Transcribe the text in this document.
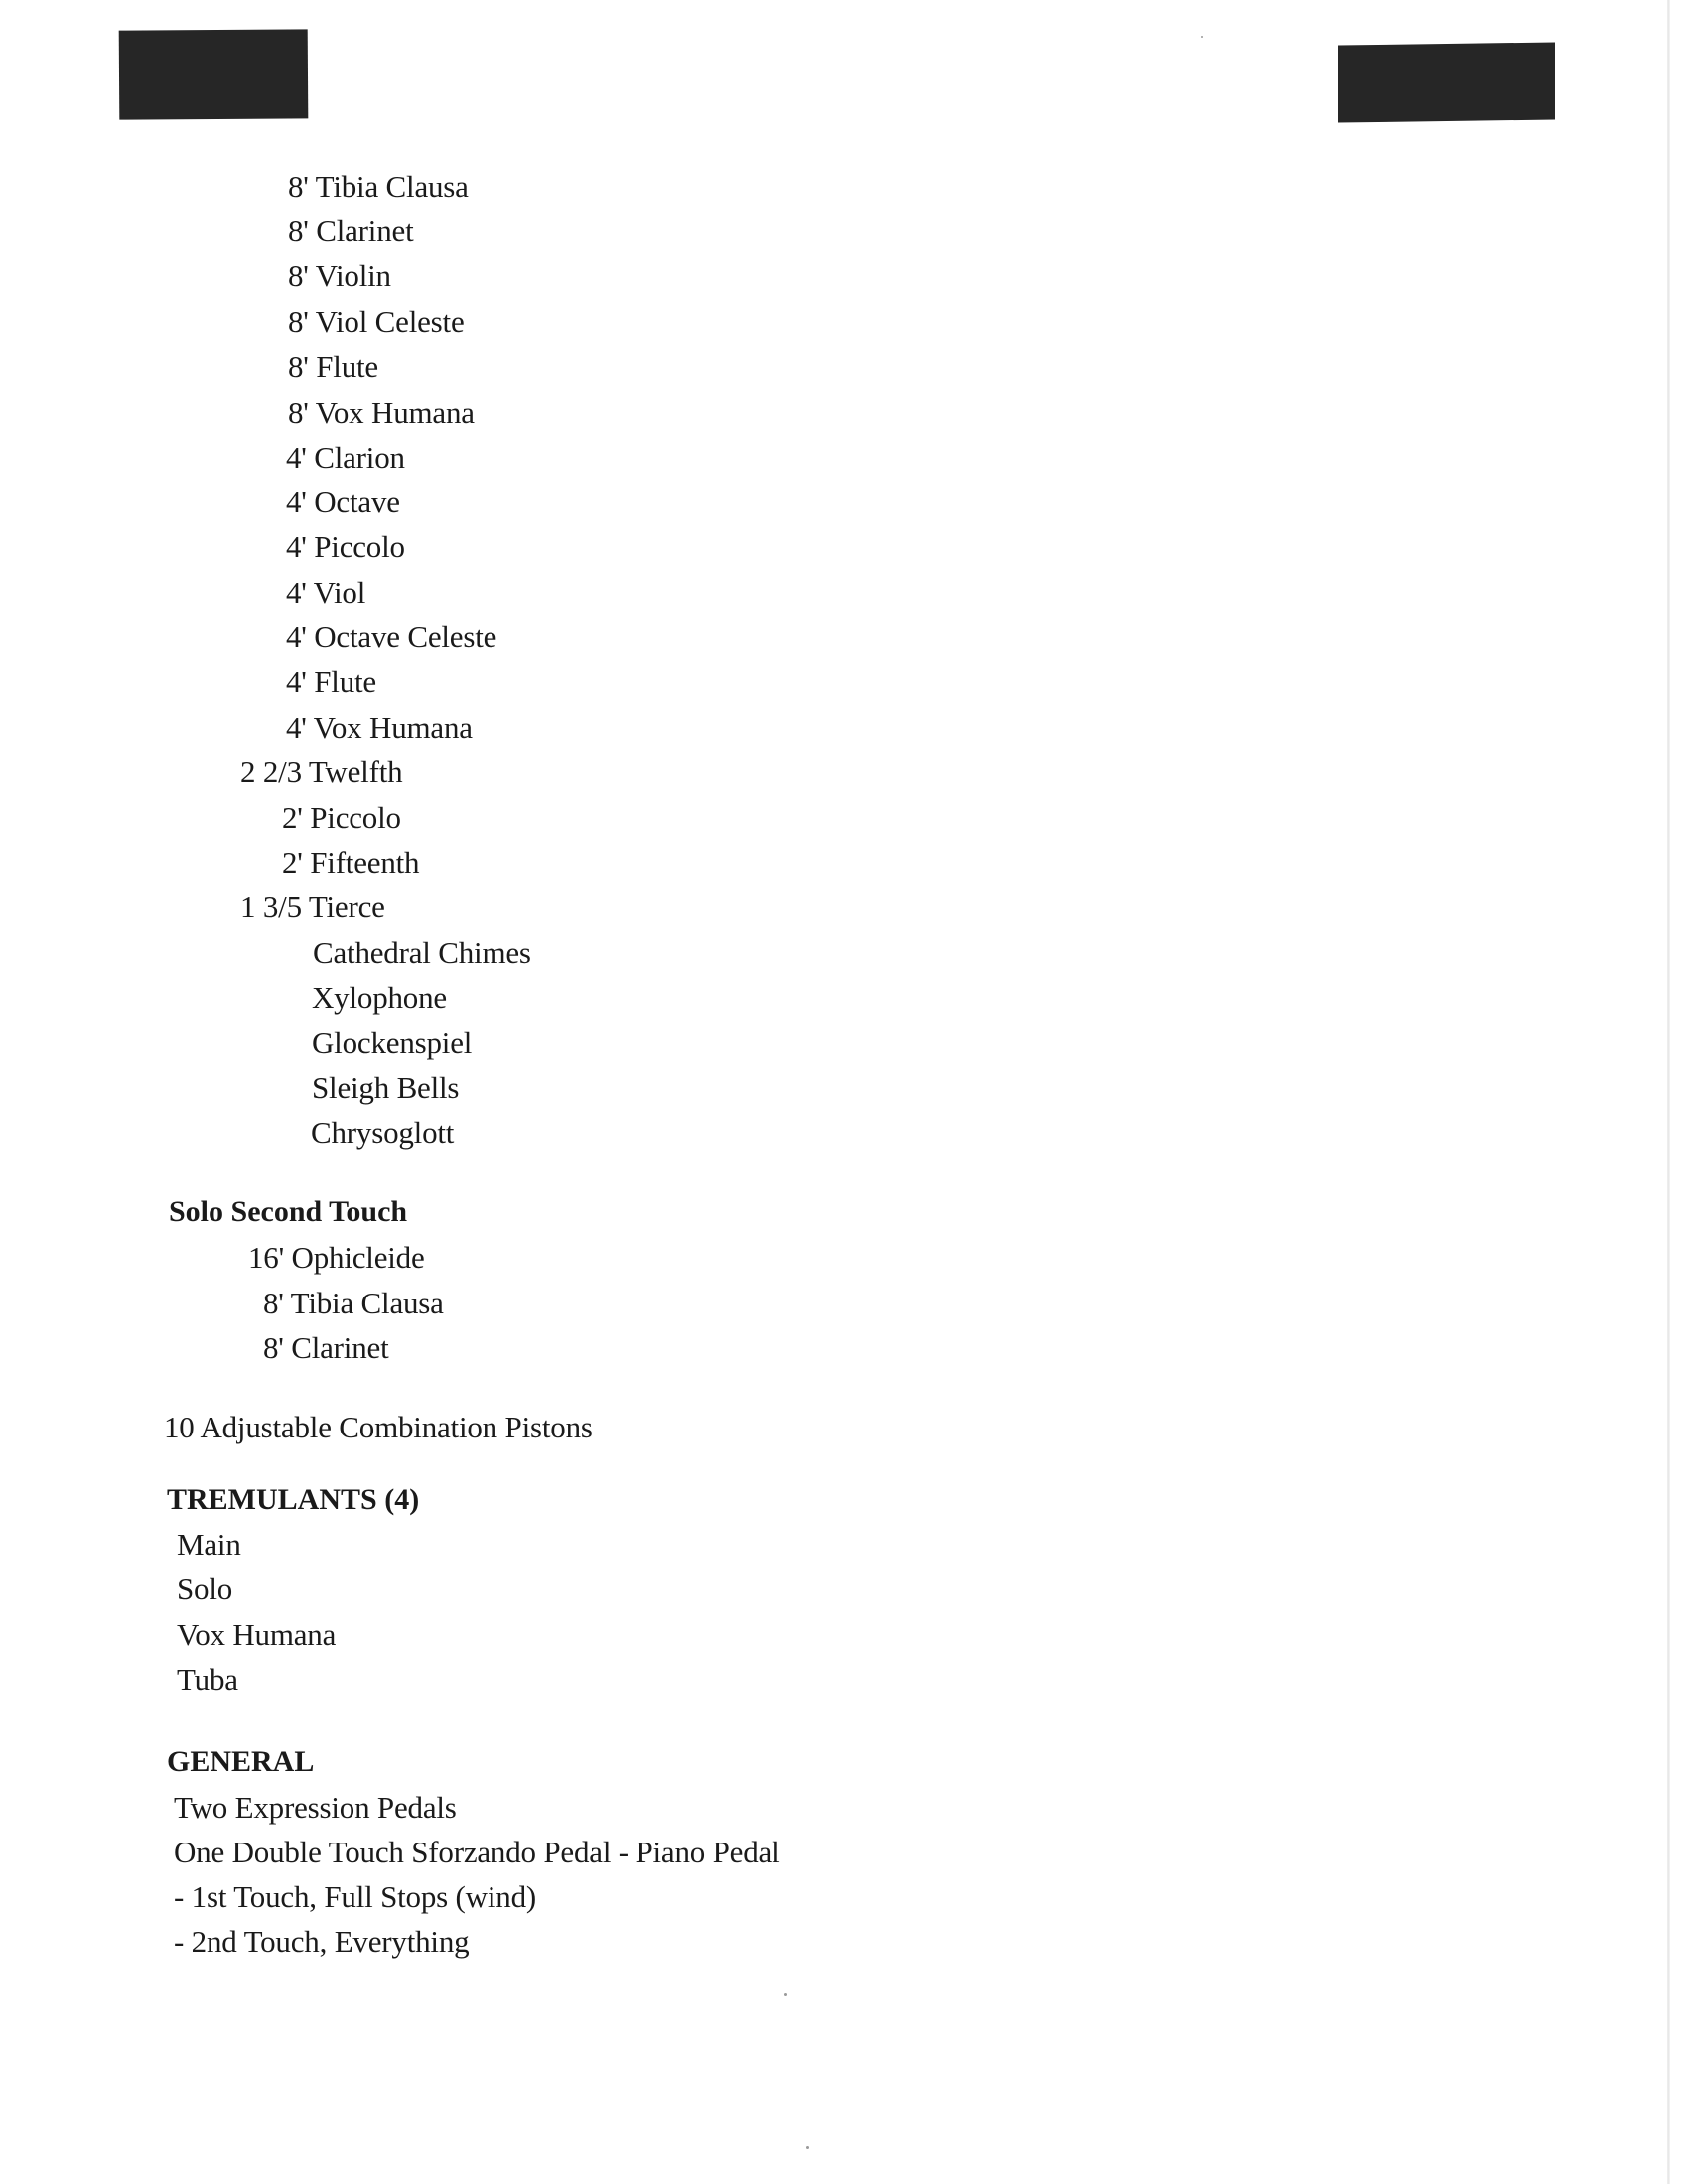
8' Tibia Clausa
8' Clarinet
8' Violin
8' Viol Celeste
8' Flute
8' Vox Humana
4' Clarion
4' Octave
4' Piccolo
4' Viol
4' Octave Celeste
4' Flute
4' Vox Humana
2 2/3 Twelfth
2' Piccolo
2' Fifteenth
1 3/5 Tierce
Cathedral Chimes
Xylophone
Glockenspiel
Sleigh Bells
Chrysoglott
Solo Second Touch
16' Ophicleide
8' Tibia Clausa
8' Clarinet
10 Adjustable Combination Pistons
TREMULANTS (4)
Main
Solo
Vox Humana
Tuba
GENERAL
Two Expression Pedals
One Double Touch Sforzando Pedal - Piano Pedal
- 1st Touch, Full Stops (wind)
- 2nd Touch, Everything
